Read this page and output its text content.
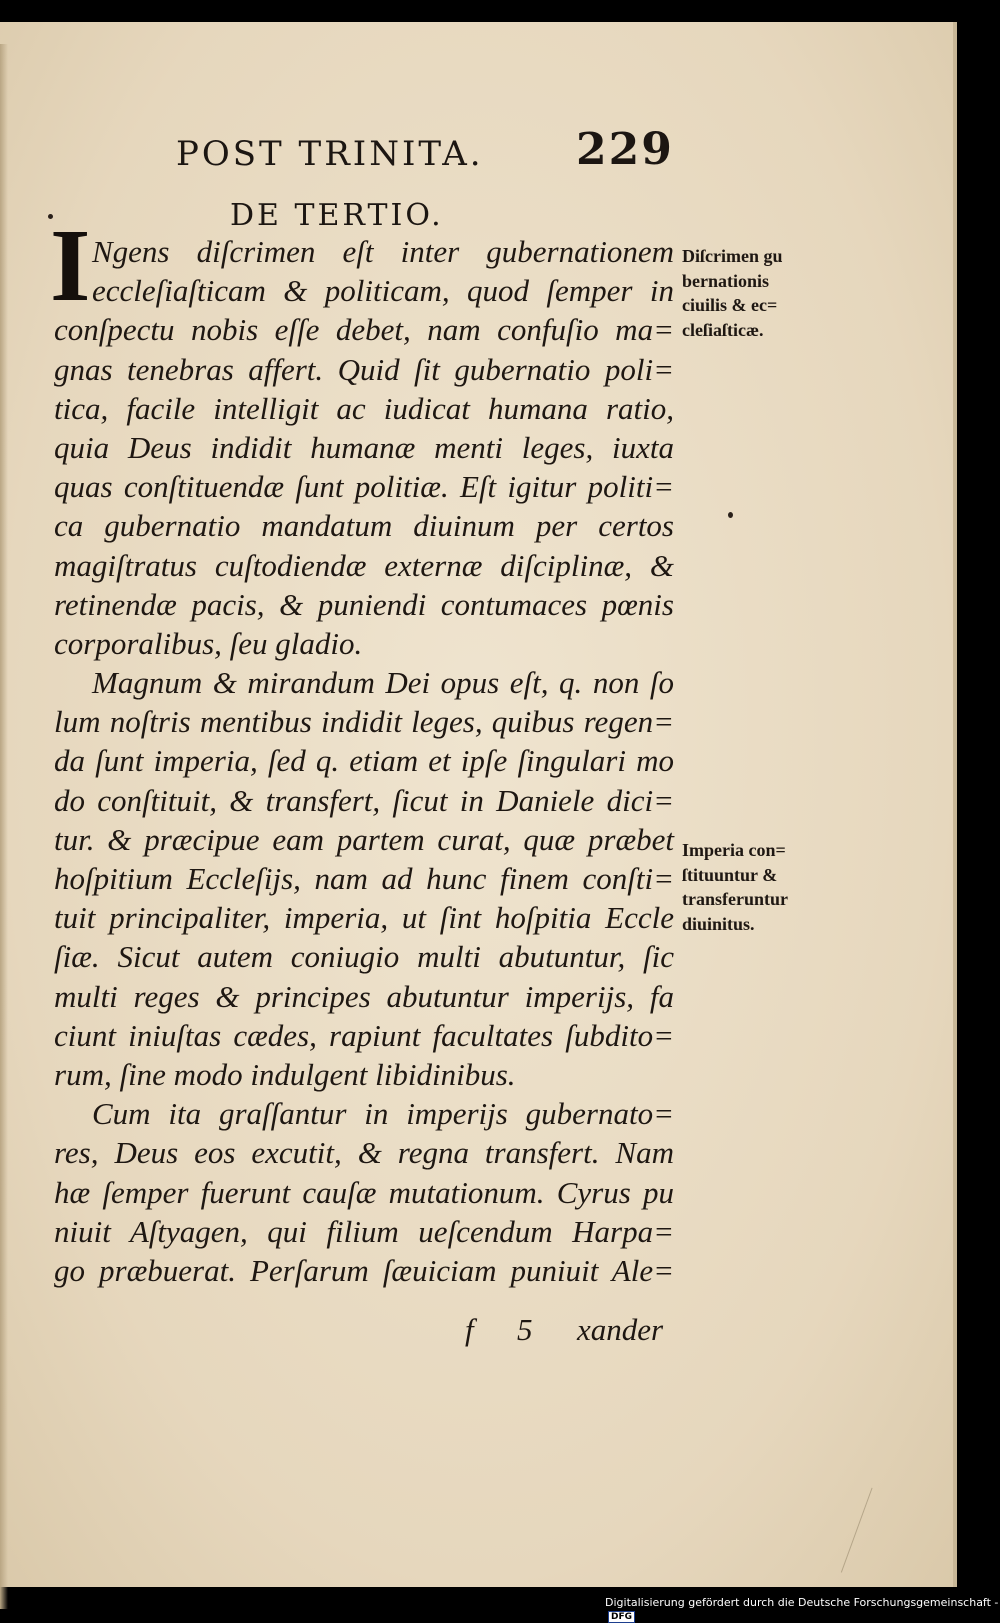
POST TRINITA. 229
DE TERTIO.
I Ngens diſcrimen eſt inter gubernationem
eccleſiaſticam & politicam, quod ſemper in
conſpectu nobis eſſe debet, nam confuſio ma=
gnas tenebras affert. Quid ſit gubernatio poli=
tica, facile intelligit ac iudicat humana ratio,
quia Deus indidit humanæ menti leges, iuxta
quas conſtituendæ ſunt politiæ. Eſt igitur politi=
ca gubernatio mandatum diuinum per certos
magiſtratus cuſtodiendæ externæ diſciplinæ, &
retinendæ pacis, & puniendi contumaces pœnis
corporalibus, ſeu gladio.
Magnum & mirandum Dei opus eſt, q. non ſo
lum noſtris mentibus indidit leges, quibus regen=
da ſunt imperia, ſed q. etiam et ipſe ſingulari mo
do conſtituit, & transfert, ſicut in Daniele dici=
tur. & præcipue eam partem curat, quæ præbet
hoſpitium Eccleſijs, nam ad hunc finem conſti=
tuit principaliter, imperia, ut ſint hoſpitia Eccle
ſiæ. Sicut autem coniugio multi abutuntur, ſic
multi reges & principes abutuntur imperijs, fa
ciunt iniuſtas cædes, rapiunt facultates ſubdito=
rum, ſine modo indulgent libidinibus.
Cum ita graſſantur in imperijs gubernato=
res, Deus eos excutit, & regna transfert. Nam
hæ ſemper fuerunt cauſæ mutationum. Cyrus pu
niuit Aſtyagen, qui filium ueſcendum Harpa=
go præbuerat. Perſarum ſæuiciam puniuit Ale=
f 5 xander
Diſcrimen gu
bernationis
ciuilis & ec=
cleſiaſticæ.
Imperia con=
ſtituuntur &
transferuntur
diuinitus.
Digitalisierung gefördert durch die Deutsche Forschungsgemeinschaft -DFG
